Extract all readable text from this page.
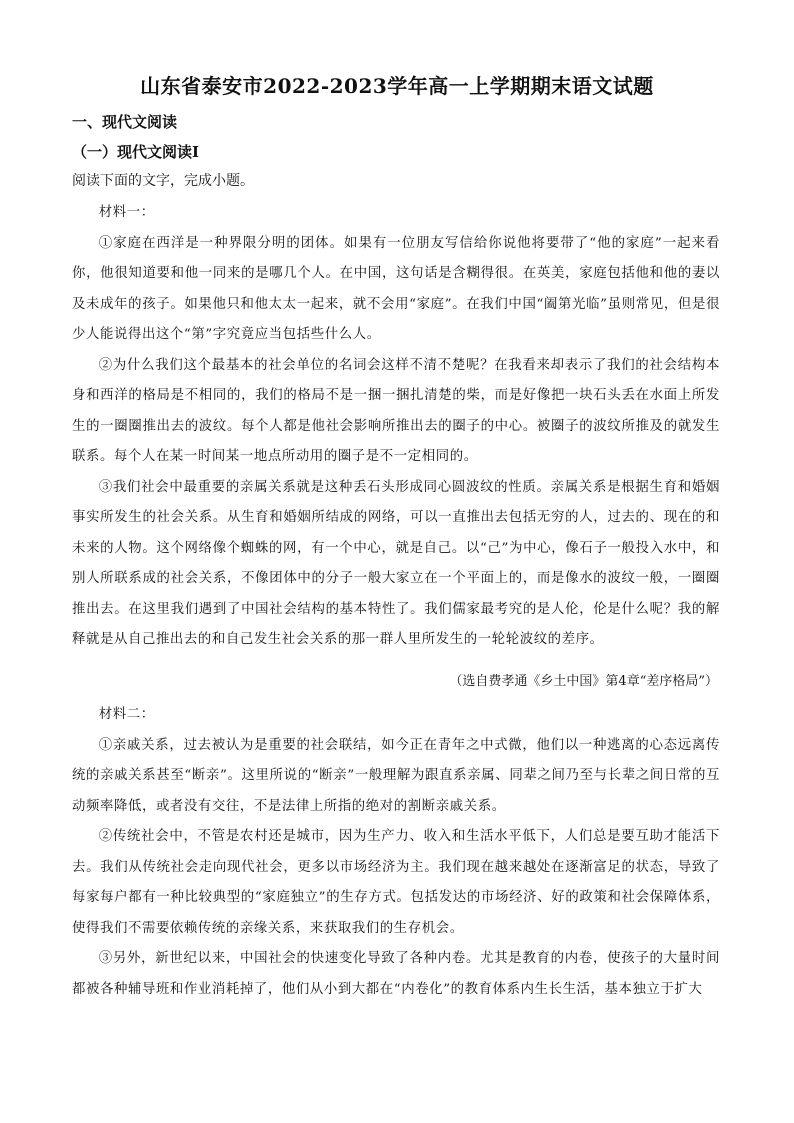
山东省泰安市2022-2023学年高一上学期期末语文试题
一、现代文阅读
（一）现代文阅读Ⅰ
阅读下面的文字，完成小题。

材料一：

①家庭在西洋是一种界限分明的团体。如果有一位朋友写信给你说他将要带了“他的家庭”一起来看你，他很知道要和他一同来的是哪几个人。在中国，这句话是含糊得很。在英美，家庭包括他和他的妻以及未成年的孩子。如果他只和他太太一起来，就不会用“家庭”。在我们中国“阖第光临”虽则常见，但是很少人能说得出这个“第”字究竟应当包括些什么人。

②为什么我们这个最基本的社会单位的名词会这样不清不楚呢？在我看来却表示了我们的社会结构本身和西洋的格局是不相同的，我们的格局不是一捆一捆扎清楚的柴，而是好像把一块石头丢在水面上所发生的一圈圈推出去的波纹。每个人都是他社会影响所推出去的圈子的中心。被圈子的波纹所推及的就发生联系。每个人在某一时间某一地点所动用的圈子是不一定相同的。

③我们社会中最重要的亲属关系就是这种丢石头形成同心圆波纹的性质。亲属关系是根据生育和婚姻事实所发生的社会关系。从生育和婚姻所结成的网络，可以一直推出去包括无穷的人，过去的、现在的和未来的人物。这个网络像个蜘蛛的网，有一个中心，就是自己。以“己”为中心，像石子一般投入水中，和别人所联系成的社会关系，不像团体中的分子一般大家立在一个平面上的，而是像水的波纹一般，一圈圈推出去。在这里我们遇到了中国社会结构的基本特性了。我们儒家最考究的是人伦，伦是什么呢？我的解释就是从自己推出去的和自己发生社会关系的那一群人里所发生的一轮轮波纹的差序。

（选自费孝通《乡土中国》第4章“差序格局”）

材料二：

①亲戚关系，过去被认为是重要的社会联结，如今正在青年之中式微，他们以一种逃离的心态远离传统的亲戚关系甚至“断亲”。这里所说的“断亲”一般理解为跟直系亲属、同辈之间乃至与长辈之间日常的互动频率降低，或者没有交往，不是法律上所指的绝对的割断亲戚关系。

②传统社会中，不管是农村还是城市，因为生产力、收入和生活水平低下，人们总是要互助才能活下去。我们从传统社会走向现代社会，更多以市场经济为主。我们现在越来越处在逐渐富足的状态，导致了每家每户都有一种比较典型的“家庭独立”的生存方式。包括发达的市场经济、好的政策和社会保障体系，使得我们不需要依赖传统的亲缘关系，来获取我们的生存机会。

③另外，新世纪以来，中国社会的快速变化导致了各种内卷。尤其是教育的内卷，使孩子的大量时间都被各种辅导班和作业消耗掉了，他们从小到大都在“内卷化”的教育体系内生长生活，基本独立于扩大
